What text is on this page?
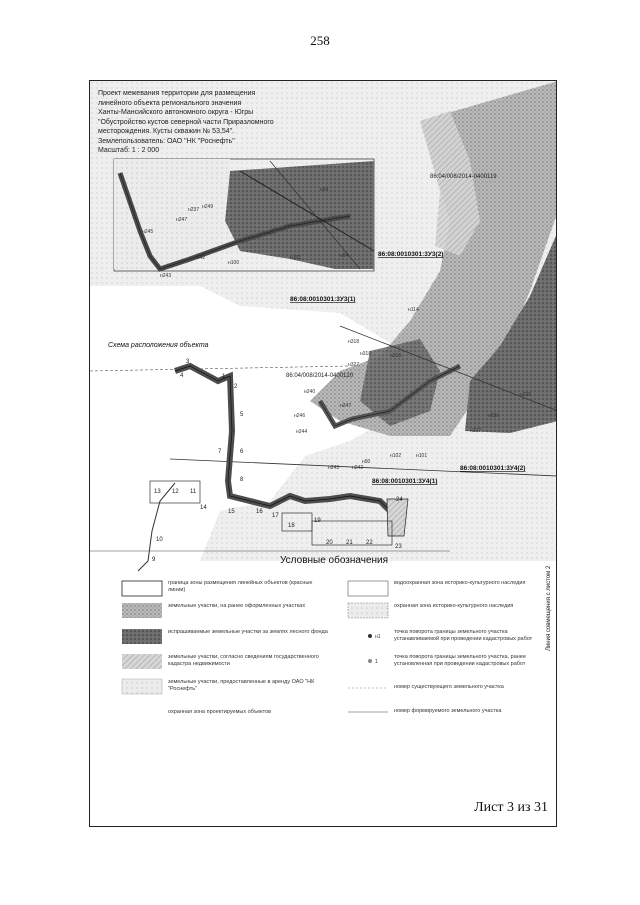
258
86:04/008/2014-0400119
86:08:0010301:3У3(2)
86:08:0010301:3У3(1)
86:04/008/2014-0400120
86:08:0010301:3У4(2)
86:08:0010301:3У4(1)
Схема расположения объекта
н237
н247
н249
н242
н245
н243
н100
н101	н84
н64
н235
н236
н114
н318
н318	н318
н327
н244
н246
н240
н247
н237
н102	н101
н90
н243	н242
1
2
3
4
5
6
7
8
9
10
11
12
13
14
15	16
17
18
19
20 21 22
23
24
н1
1
Проект межевания территории для размещения
линейного объекта регионального значения
Ханты-Мансийского автономного округа - Югры
"Обустройство кустов северной части Приразломного
месторождения. Кусты скважин № 53,54".
Землепользователь: ОАО "НК "Роснефть"
Масштаб: 1 : 2 000
Условные обозначения
граница зоны размещения линейных объектов (красные линии)
земельные участки, на ранее оформленных участках
испрашиваемые земельные участки за землях лесного фонда
земельные участки, согласно сведениям государственного кадастра недвижимости
земельные участки, предоставленные в аренду ОАО "НК "Роснефть"
охранная зона проектируемых объектов
водоохранная зона историко-культурного наследия
охранная зона историко-культурного наследия
точка поворота границы земельного участка устанавливаемой при проведении кадастровых работ
точка поворота границы земельного участка, ранее установленная при проведении кадастровых работ
номер существующего земельного участка
номер формируемого земельного участка
Линия совмещения с листом 2
Лист 3 из 31
